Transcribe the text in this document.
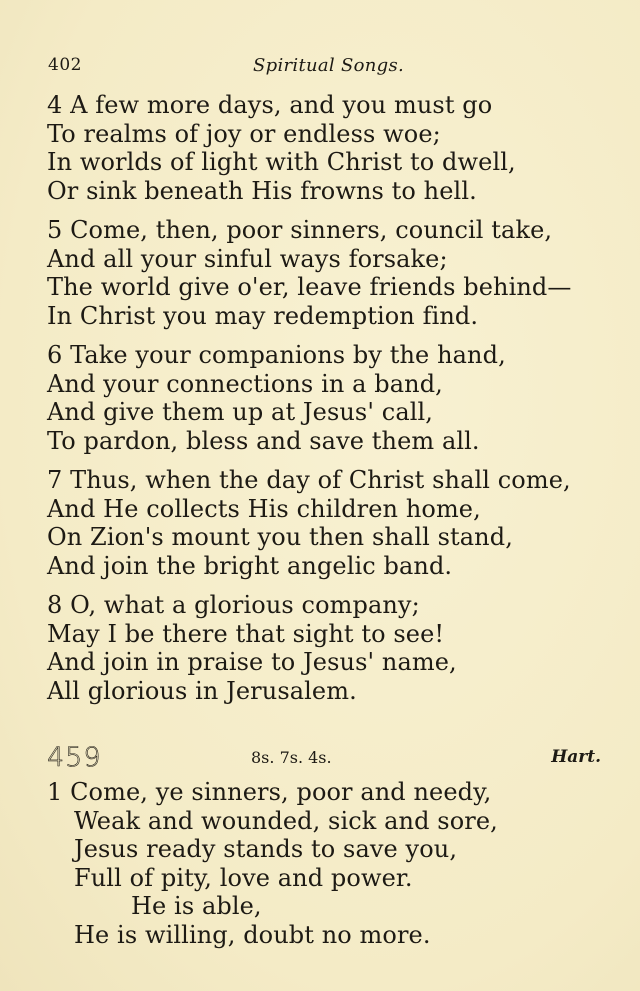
402	Spiritual Songs.
4 A few more days, and you must go
To realms of joy or endless woe;
In worlds of light with Christ to dwell,
Or sink beneath His frowns to hell.
5 Come, then, poor sinners, council take,
And all your sinful ways forsake;
The world give o'er, leave friends behind—
In Christ you may redemption find.
6 Take your companions by the hand,
And your connections in a band,
And give them up at Jesus' call,
To pardon, bless and save them all.
7 Thus, when the day of Christ shall come,
And He collects His children home,
On Zion's mount you then shall stand,
And join the bright angelic band.
8 O, what a glorious company;
May I be there that sight to see!
And join in praise to Jesus' name,
All glorious in Jerusalem.
459	8s. 7s. 4s.	Hart.
1 Come, ye sinners, poor and needy,
Weak and wounded, sick and sore,
Jesus ready stands to save you,
Full of pity, love and power.
He is able,
He is willing, doubt no more.
